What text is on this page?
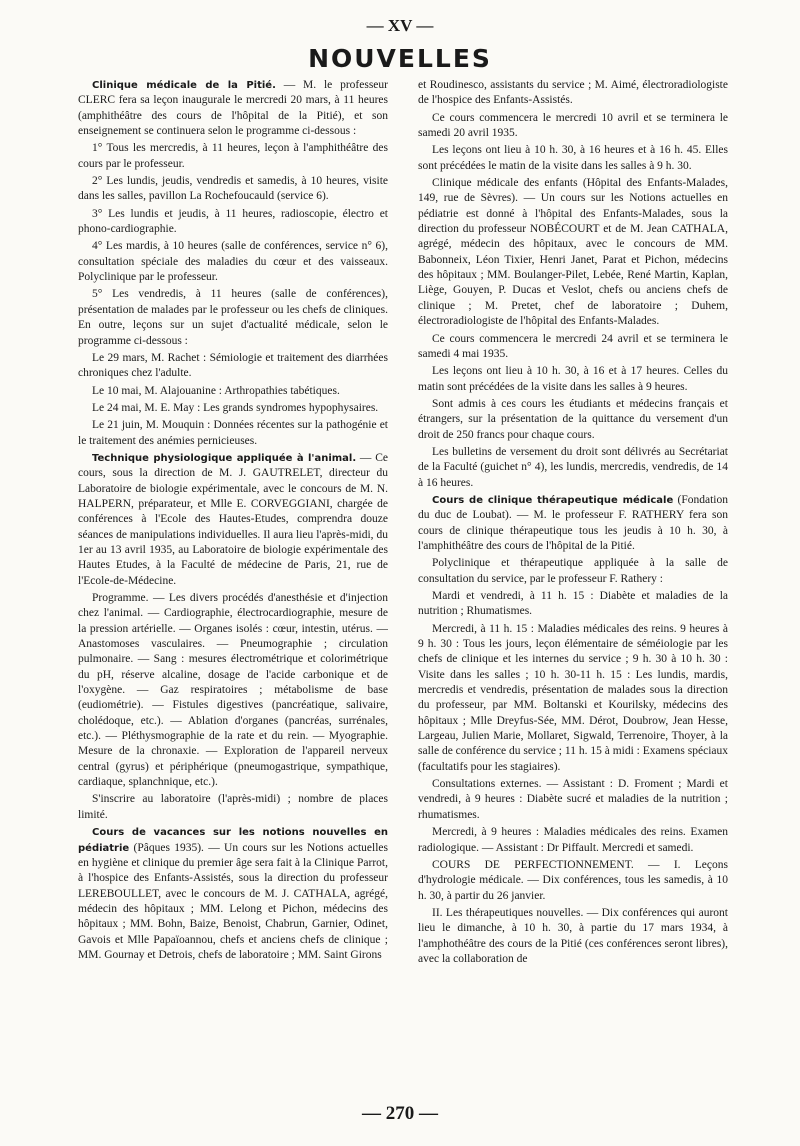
— XV —
NOUVELLES

Clinique médicale de la Pitié. — M. le professeur CLERC fera sa leçon inaugurale le mercredi 20 mars, à 11 heures (amphithéâtre des cours de l'hôpital de la Pitié), et son enseignement se continuera selon le programme ci-dessous :

1° Tous les mercredis, à 11 heures, leçon à l'amphithéâtre des cours par le professeur.

2° Les lundis, jeudis, vendredis et samedis, à 10 heures, visite dans les salles, pavillon La Rochefoucauld (service 6).

3° Les lundis et jeudis, à 11 heures, radioscopie, électro et phono-cardiographie.

4° Les mardis, à 10 heures (salle de conférences, service n° 6), consultation spéciale des maladies du cœur et des vaisseaux. Polyclinique par le professeur.

5° Les vendredis, à 11 heures (salle de conférences), présentation de malades par le professeur ou les chefs de cliniques. En outre, leçons sur un sujet d'actualité médicale, selon le programme ci-dessous :

Le 29 mars, M. Rachet : Sémiologie et traitement des diarrhées chroniques chez l'adulte.

Le 10 mai, M. Alajouanine : Arthropathies tabétiques.

Le 24 mai, M. E. May : Les grands syndromes hypophysaires.

Le 21 juin, M. Mouquin : Données récentes sur la pathogénie et le traitement des anémies pernicieuses.

Technique physiologique appliquée à l'animal. — Ce cours, sous la direction de M. J. GAUTRELET, directeur du Laboratoire de biologie expérimentale, avec le concours de M. N. HALPERN, préparateur, et Mlle E. CORVEGGIANI, chargée de conférences à l'Ecole des Hautes-Etudes, comprendra douze séances de manipulations individuelles. Il aura lieu l'après-midi, du 1er au 13 avril 1935, au Laboratoire de biologie expérimentale des Hautes Etudes, à la Faculté de médecine de Paris, 21, rue de l'Ecole-de-Médecine.

Programme. — Les divers procédés d'anesthésie et d'injection chez l'animal. — Cardiographie, électrocardiographie, mesure de la pression artérielle. — Organes isolés : cœur, intestin, utérus. — Anastomoses vasculaires. — Pneumographie ; circulation pulmonaire. — Sang : mesures électrométrique et colorimétrique du pH, réserve alcaline, dosage de l'acide carbonique et de l'oxygène. — Gaz respiratoires ; métabolisme de base (eudiométrie). — Fistules digestives (pancréatique, salivaire, cholédoque, etc.). — Ablation d'organes (pancréas, surrénales, etc.). — Pléthysmographie de la rate et du rein. — Myographie. Mesure de la chronaxie. — Exploration de l'appareil nerveux central (gyrus) et périphérique (pneumogastrique, sympathique, cardiaque, splanchnique, etc.).

S'inscrire au laboratoire (l'après-midi) ; nombre de places limité.

Cours de vacances sur les notions nouvelles en pédiatrie (Pâques 1935). — Un cours sur les Notions actuelles en hygiène et clinique du premier âge sera fait à la Clinique Parrot, à l'hospice des Enfants-Assistés, sous la direction du professeur LEREBOULLET, avec le concours de M. J. CATHALA, agrégé, médecin des hôpitaux ; MM. Lelong et Pichon, médecins des hôpitaux ; MM. Bohn, Baize, Benoist, Chabrun, Garnier, Odinet, Gavois et Mlle Papaïoannou, chefs et anciens chefs de clinique ; MM. Gournay et Detrois, chefs de laboratoire ; MM. Saint Girons

et Roudinesco, assistants du service ; M. Aimé, électroradiologiste de l'hospice des Enfants-Assistés.

Ce cours commencera le mercredi 10 avril et se terminera le samedi 20 avril 1935.

Les leçons ont lieu à 10 h. 30, à 16 heures et à 16 h. 45. Elles sont précédées le matin de la visite dans les salles à 9 h. 30.

Clinique médicale des enfants (Hôpital des Enfants-Malades, 149, rue de Sèvres). — Un cours sur les Notions actuelles en pédiatrie est donné à l'hôpital des Enfants-Malades, sous la direction du professeur NOBÉCOURT et de M. Jean CATHALA, agrégé, médecin des hôpitaux, avec le concours de MM. Babonneix, Léon Tixier, Henri Janet, Parat et Pichon, médecins des hôpitaux ; MM. Boulanger-Pilet, Lebée, René Martin, Kaplan, Liège, Gouyen, P. Ducas et Veslot, chefs ou anciens chefs de clinique ; M. Pretet, chef de laboratoire ; Duhem, électroradiologiste de l'hôpital des Enfants-Malades.

Ce cours commencera le mercredi 24 avril et se terminera le samedi 4 mai 1935.

Les leçons ont lieu à 10 h. 30, à 16 et à 17 heures. Celles du matin sont précédées de la visite dans les salles à 9 heures.

Sont admis à ces cours les étudiants et médecins français et étrangers, sur la présentation de la quittance du versement d'un droit de 250 francs pour chaque cours.

Les bulletins de versement du droit sont délivrés au Secrétariat de la Faculté (guichet n° 4), les lundis, mercredis, vendredis, de 14 à 16 heures.

Cours de clinique thérapeutique médicale (Fondation du duc de Loubat). — M. le professeur F. RATHERY fera son cours de clinique thérapeutique tous les jeudis à 10 h. 30, à l'amphithéâtre des cours de l'hôpital de la Pitié.

Polyclinique et thérapeutique appliquée à la salle de consultation du service, par le professeur F. Rathery :

Mardi et vendredi, à 11 h. 15 : Diabète et maladies de la nutrition ; Rhumatismes.

Mercredi, à 11 h. 15 : Maladies médicales des reins. 9 heures à 9 h. 30 : Tous les jours, leçon élémentaire de séméiologie par les chefs de clinique et les internes du service ; 9 h. 30 à 10 h. 30 : Visite dans les salles ; 10 h. 30-11 h. 15 : Les lundis, mardis, mercredis et vendredis, présentation de malades sous la direction du professeur, par MM. Boltanski et Kourilsky, médecins des hôpitaux ; Mlle Dreyfus-Sée, MM. Dérot, Doubrow, Jean Hesse, Largeau, Julien Marie, Mollaret, Sigwald, Terrenoire, Thoyer, à la salle de conférence du service ; 11 h. 15 à midi : Examens spéciaux (facultatifs pour les stagiaires).

Consultations externes. — Assistant : D. Froment ; Mardi et vendredi, à 9 heures : Diabète sucré et maladies de la nutrition ; rhumatismes.

Mercredi, à 9 heures : Maladies médicales des reins. Examen radiologique. — Assistant : Dr Piffault. Mercredi et samedi.

COURS DE PERFECTIONNEMENT. — I. Leçons d'hydrologie médicale. — Dix conférences, tous les samedis, à 10 h. 30, à partir du 26 janvier.

II. Les thérapeutiques nouvelles. — Dix conférences qui auront lieu le dimanche, à 10 h. 30, à partie du 17 mars 1934, à l'amphothéâtre des cours de la Pitié (ces conférences seront libres), avec la collaboration de

— 270 —
